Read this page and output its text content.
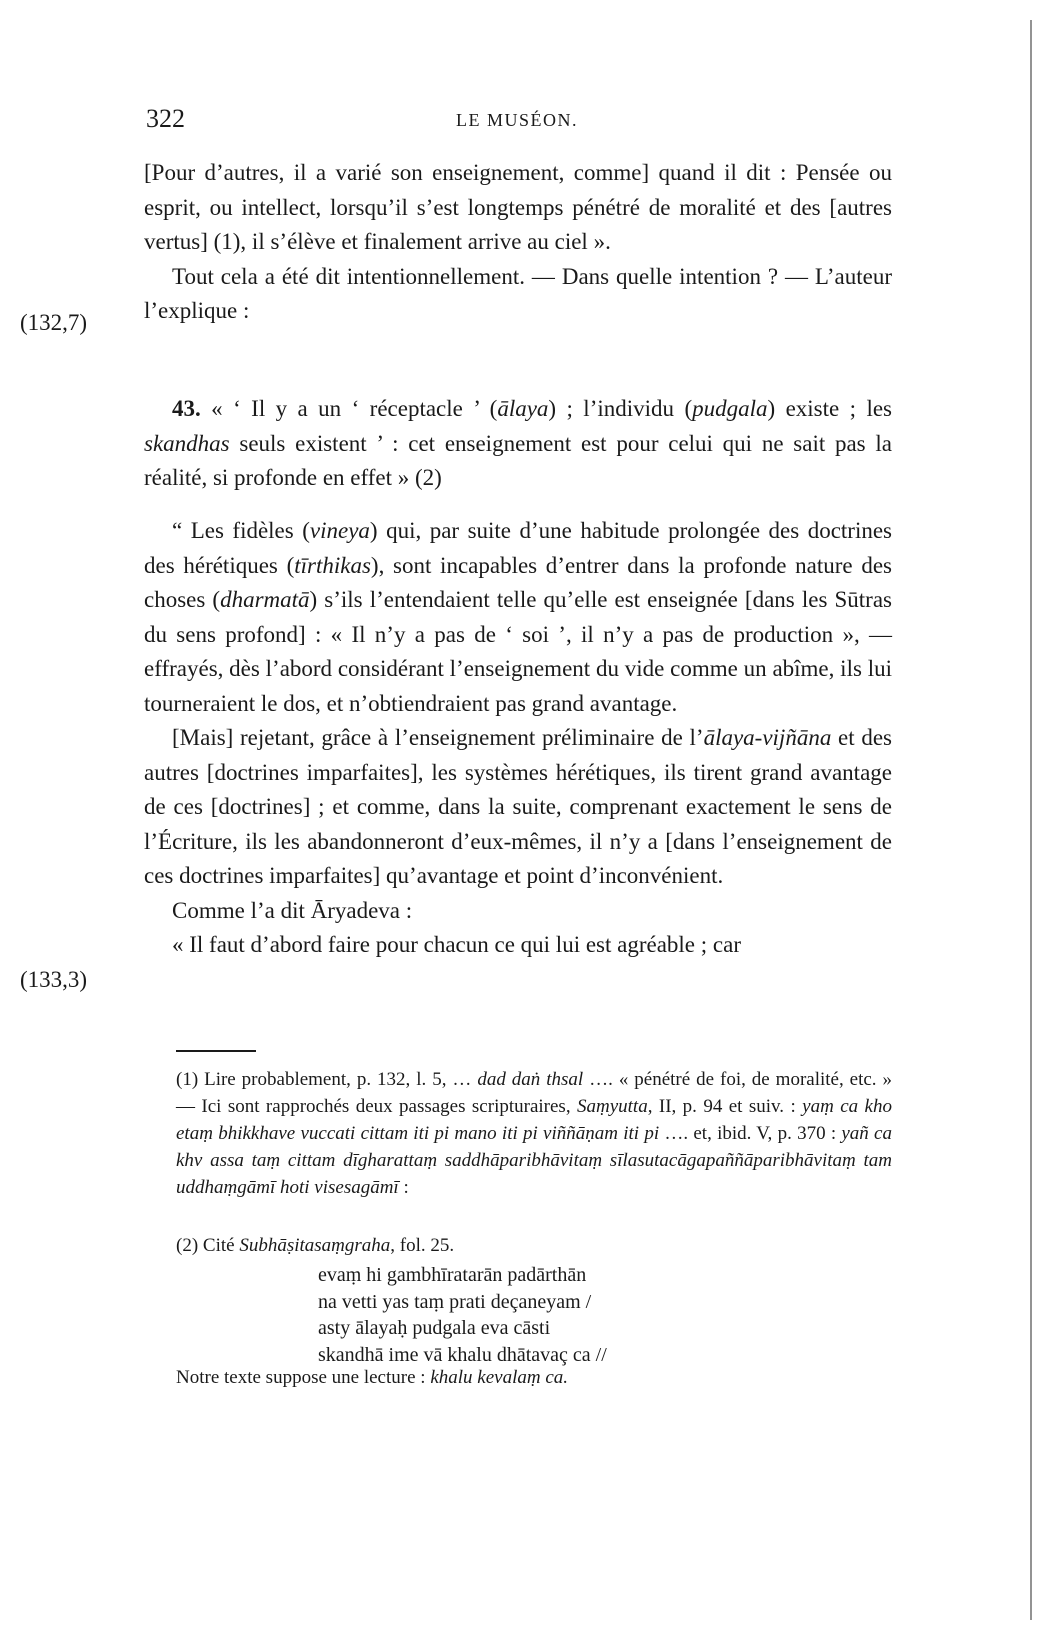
322	LE MUSÉON.
(132,7)
(133,3)

[Pour d’autres, il a varié son enseignement, comme] quand il dit : Pensée ou esprit, ou intellect, lorsqu’il s’est longtemps pénétré de moralité et des [autres vertus] (1), il s’élève et finalement arrive au ciel ».

Tout cela a été dit intentionnellement. — Dans quelle intention ? — L’auteur l’explique :

43. « ‘ Il y a un ‘ réceptacle ’ (ālaya) ; l’individu (pudgala) existe ; les skandhas seuls existent ’ : cet enseignement est pour celui qui ne sait pas la réalité, si profonde en effet » (2)

“ Les fidèles (vineya) qui, par suite d’une habitude prolongée des doctrines des hérétiques (tīrthikas), sont incapables d’entrer dans la profonde nature des choses (dharmatā) s’ils l’entendaient telle qu’elle est enseignée [dans les Sūtras du sens profond] : « Il n’y a pas de ‘ soi ’, il n’y a pas de production », — effrayés, dès l’abord considérant l’enseignement du vide comme un abîme, ils lui tourneraient le dos, et n’obtiendraient pas grand avantage.

[Mais] rejetant, grâce à l’enseignement préliminaire de l’ālaya-vijñāna et des autres [doctrines imparfaites], les systèmes hérétiques, ils tirent grand avantage de ces [doctrines] ; et comme, dans la suite, comprenant exactement le sens de l’Écriture, ils les abandonneront d’eux-mêmes, il n’y a [dans l’enseignement de ces doctrines imparfaites] qu’avantage et point d’inconvénient.

Comme l’a dit Āryadeva :

« Il faut d’abord faire pour chacun ce qui lui est agréable ; car

(1) Lire probablement, p. 132, l. 5, … dad daṅ thsal …. « pénétré de foi, de moralité, etc. » — Ici sont rapprochés deux passages scripturaires, Saṃyutta, II, p. 94 et suiv. : yaṃ ca kho etaṃ bhikkhave vuccati cittam iti pi mano iti pi viññāṇam iti pi …. et, ibid. V, p. 370 : yañ ca khv assa taṃ cittam dīgharattaṃ saddhāparibhāvitaṃ sīlasutacāgapaññāparibhāvitaṃ tam uddhaṃgāmī hoti visesagāmī :

(2) Cité Subhāṣitasaṃgraha, fol. 25.

evaṃ hi gambhīratarān padārthān

na vetti yas taṃ prati deçaneyam /

asty ālayaḥ pudgala eva cāsti

skandhā ime vā khalu dhātavaç ca //

Notre texte suppose une lecture : khalu kevalaṃ ca.
